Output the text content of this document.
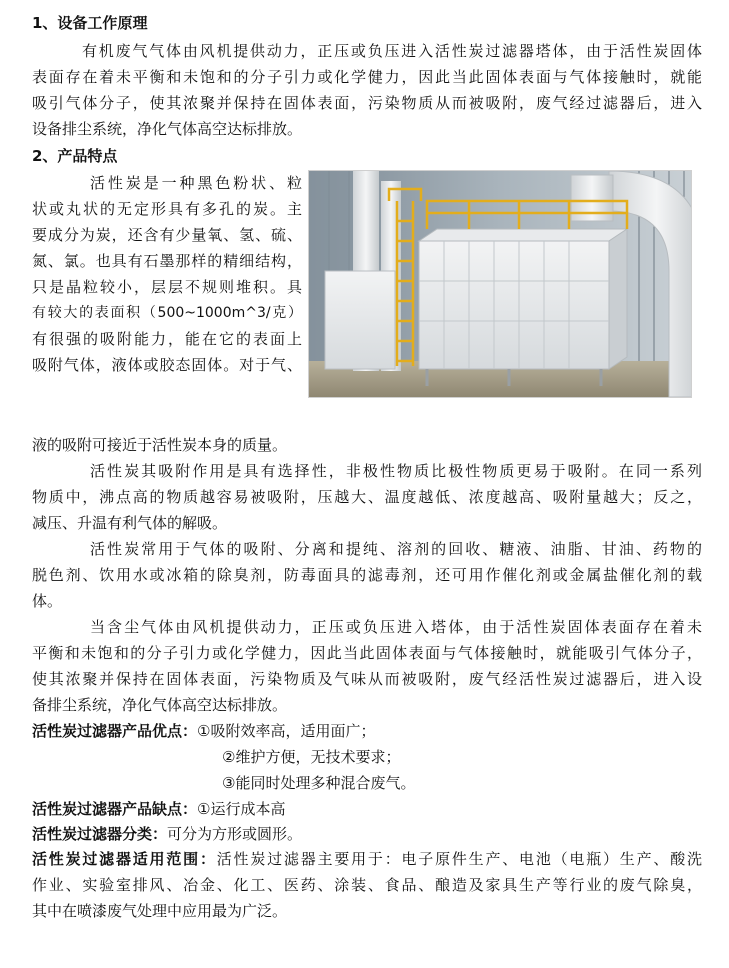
1、设备工作原理
有机废气气体由风机提供动力，正压或负压进入活性炭过滤器塔体，由于活性炭固体
表面存在着未平衡和未饱和的分子引力或化学健力，因此当此固体表面与气体接触时，就能
吸引气体分子，使其浓聚并保持在固体表面，污染物质从而被吸附，废气经过滤器后，进入
设备排尘系统，净化气体高空达标排放。
2、产品特点
活性炭是一种黑色粉状、粒
状或丸状的无定形具有多孔的炭。主
要成分为炭，还含有少量氧、氢、硫、
氮、氯。也具有石墨那样的精细结构，
只是晶粒较小，层层不规则堆积。具
有较大的表面积（500~1000m^3/克）
有很强的吸附能力，能在它的表面上
吸附气体，液体或胶态固体。对于气、
液的吸附可接近于活性炭本身的质量。
活性炭其吸附作用是具有选择性，非极性物质比极性物质更易于吸附。在同一系列
物质中，沸点高的物质越容易被吸附，压越大、温度越低、浓度越高、吸附量越大；反之，
减压、升温有利气体的解吸。
活性炭常用于气体的吸附、分离和提纯、溶剂的回收、糖液、油脂、甘油、药物的
脱色剂、饮用水或冰箱的除臭剂，防毒面具的滤毒剂，还可用作催化剂或金属盐催化剂的载
体。
当含尘气体由风机提供动力，正压或负压进入塔体，由于活性炭固体表面存在着未
平衡和未饱和的分子引力或化学健力，因此当此固体表面与气体接触时，就能吸引气体分子，
使其浓聚并保持在固体表面，污染物质及气味从而被吸附，废气经活性炭过滤器后，进入设
备排尘系统，净化气体高空达标排放。
活性炭过滤器产品优点：①吸附效率高，适用面广；
②维护方便，无技术要求；
③能同时处理多种混合废气。
活性炭过滤器产品缺点：①运行成本高
活性炭过滤器分类：可分为方形或圆形。
活性炭过滤器适用范围：活性炭过滤器主要用于：电子原件生产、电池（电瓶）生产、酸洗
作业、实验室排风、冶金、化工、医药、涂装、食品、酿造及家具生产等行业的废气除臭，
其中在喷漆废气处理中应用最为广泛。
